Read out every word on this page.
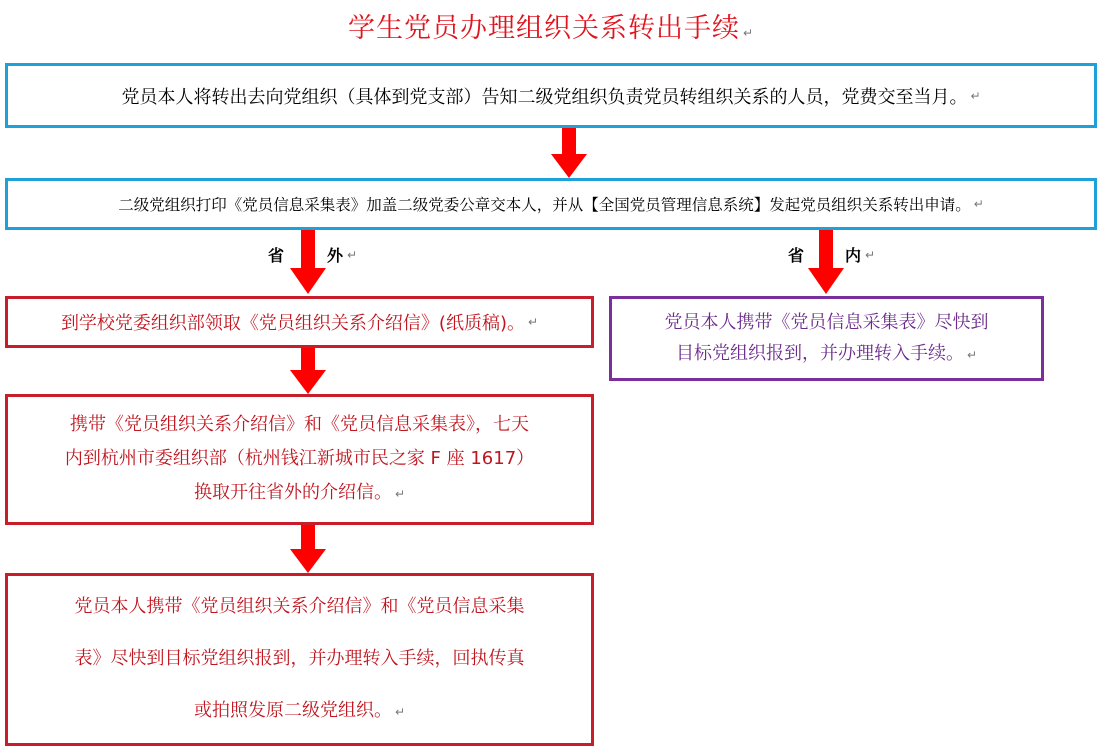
学生党员办理组织关系转出手续 ↵
党员本人将转出去向党组织（具体到党支部）告知二级党组织负责党员转组织关系的人员，党费交至当月。 ↵
二级党组织打印《党员信息采集表》加盖二级党委公章交本人，并从【全国党员管理信息系统】发起党员组织关系转出申请。 ↵
省	外 ↵	省	内 ↵
到学校党委组织部领取《党员组织关系介绍信》(纸质稿)。 ↵	党员本人携带《党员信息采集表》尽快到
目标党组织报到，并办理转入手续。 ↵
携带《党员组织关系介绍信》和《党员信息采集表》，七天
内到杭州市委组织部（杭州钱江新城市民之家 F 座 1617）
换取开往省外的介绍信。 ↵
党员本人携带《党员组织关系介绍信》和《党员信息采集
表》尽快到目标党组织报到，并办理转入手续，回执传真
或拍照发原二级党组织。 ↵
